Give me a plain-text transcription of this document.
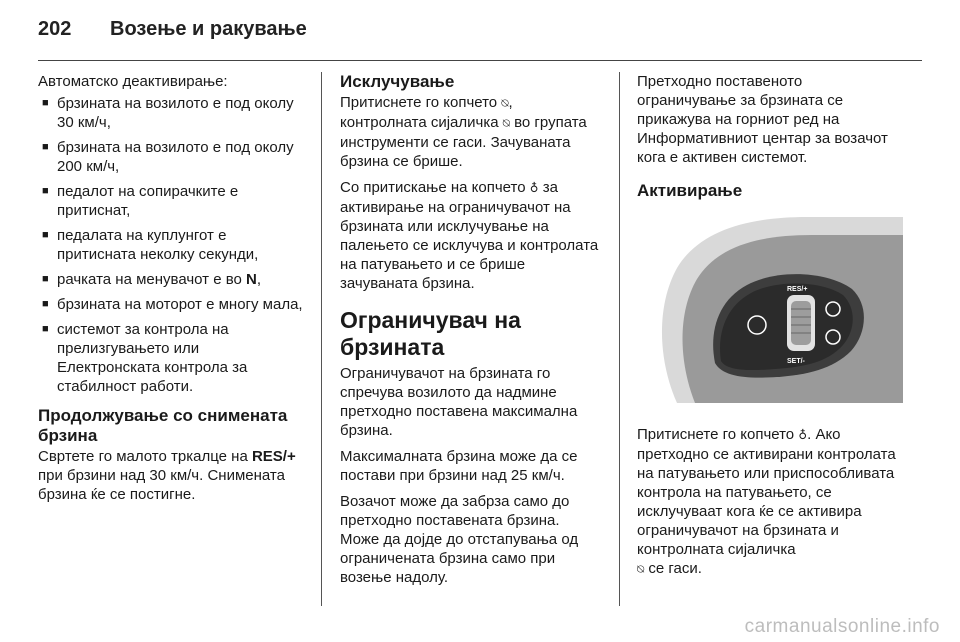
202	Возење и ракување

Автоматско деактивирање:

■ брзината на возилото е под околу 30 км/ч,
■ брзината на возилото е под околу 200 км/ч,
■ педалот на сопирачките е притиснат,
■ педалата на куплунгот е притисната неколку секунди,
■ рачката на менувачот е во N,
■ брзината на моторот е многу мала,
■ системот за контрола на прелизгувањето или Електронската контрола за стабилност работи.
Продолжување со снимената брзина

Свртете го малото тркалце на RES/+ при брзини над 30 км/ч. Снимената брзина ќе се постигне.

Исклучување

Притиснете го копчето ⍉, контролната сијаличка ⍉ во групата инструменти се гаси. Зачуваната брзина се брише.

Со притискање на копчето ♁ за активирање на ограничувачот на брзината или исклучување на палењето се исклучува и контролата на патувањето и се брише зачуваната брзина.

Ограничувач на брзината

Ограничувачот на брзината го спречува возилото да надмине претходно поставена максимална брзина.

Максималната брзина може да се постави при брзини над 25 км/ч.

Возачот може да забрза само до претходно поставената брзина. Може да дојде до отстапувања од ограничената брзина само при возење надолу.

Претходно поставеното ограничување за брзината се прикажува на горниот ред на Информативниот центар за возачот кога е активен системот.

Активирање
RES/+
SET/-

Притиснете го копчето ♁. Ако претходно се активирани контролата на патувањето или приспособливата контрола на патувањето, се исклучуваат кога ќе се активира ограничувачот на брзината и контролната сијаличка
⍉ се гаси.

carmanualsonline.info
